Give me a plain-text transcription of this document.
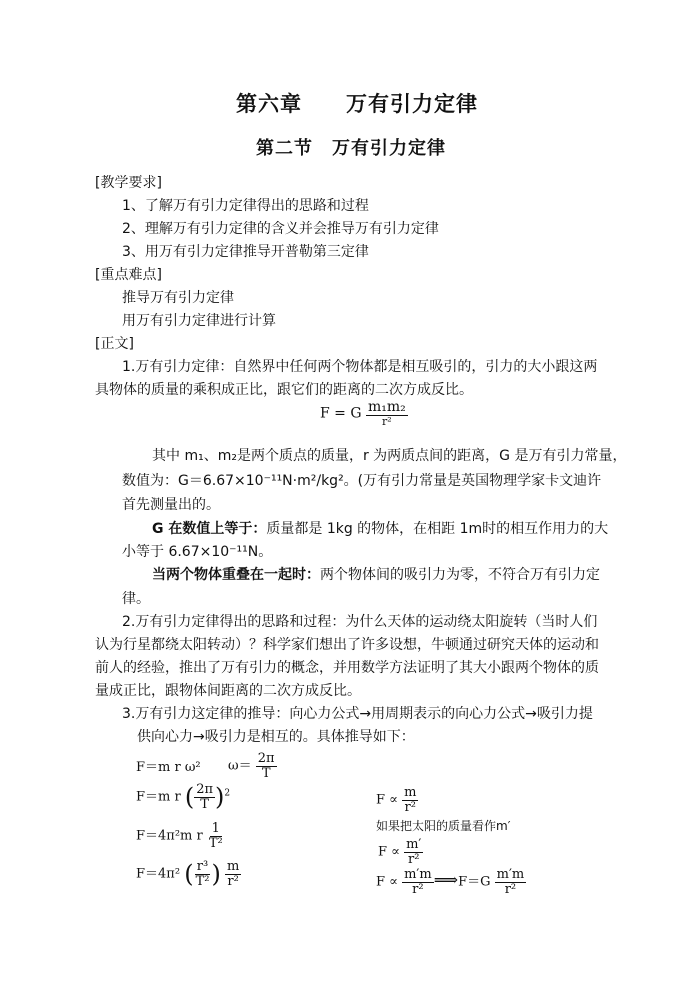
第六章　　万有引力定律
第二节　万有引力定律
[教学要求]
1、了解万有引力定律得出的思路和过程
2、理解万有引力定律的含义并会推导万有引力定律
3、用万有引力定律推导开普勒第三定律
[重点难点]
推导万有引力定律
用万有引力定律进行计算
[正文]
1.万有引力定律：自然界中任何两个物体都是相互吸引的，引力的大小跟这两
具物体的质量的乘积成正比，跟它们的距离的二次方成反比。
F = G $\frac{\text{m₁m₂}}{\text{r²}}$
其中 m₁、m₂是两个质点的质量，r 为两质点间的距离，G 是万有引力常量，
数值为：G＝6.67×10⁻¹¹N·m²/kg²。(万有引力常量是英国物理学家卡文迪许
首先测量出的。
G 在数值上等于：质量都是 1kg 的物体，在相距 1m时的相互作用力的大
小等于 6.67×10⁻¹¹N。
当两个物体重叠在一起时：两个物体间的吸引力为零，不符合万有引力定
律。
2.万有引力定律得出的思路和过程：为什么天体的运动绕太阳旋转（当时人们
认为行星都绕太阳转动）？科学家们想出了许多设想，牛顿通过研究天体的运动和
前人的经验，推出了万有引力的概念，并用数学方法证明了其大小跟两个物体的质
量成正比，跟物体间距离的二次方成反比。
3.万有引力这定律的推导：向心力公式→用周期表示的向心力公式→吸引力提
供向心力→吸引力是相互的。具体推导如下：
F＝m r ω² $\omega= \frac{2\pi}{T}$
F＝m r ( $\frac{2\pi}{T} )^2$
F＝4π²m r $\frac{1}{\text{T²}}$
F＝4π² ( $\frac{\text{r³}}{\text{T²}}$ ) $\frac{m}{\text{r²}}$
$F \propto \frac{m}{\text{r²}}$
如果把太阳的质量看作m′
$F \propto \frac{m'}{\text{r²}}$
$F \propto \frac{m'm}{\text{r²}}$ ⟹F＝G $\frac{m'm}{\text{r²}}$
